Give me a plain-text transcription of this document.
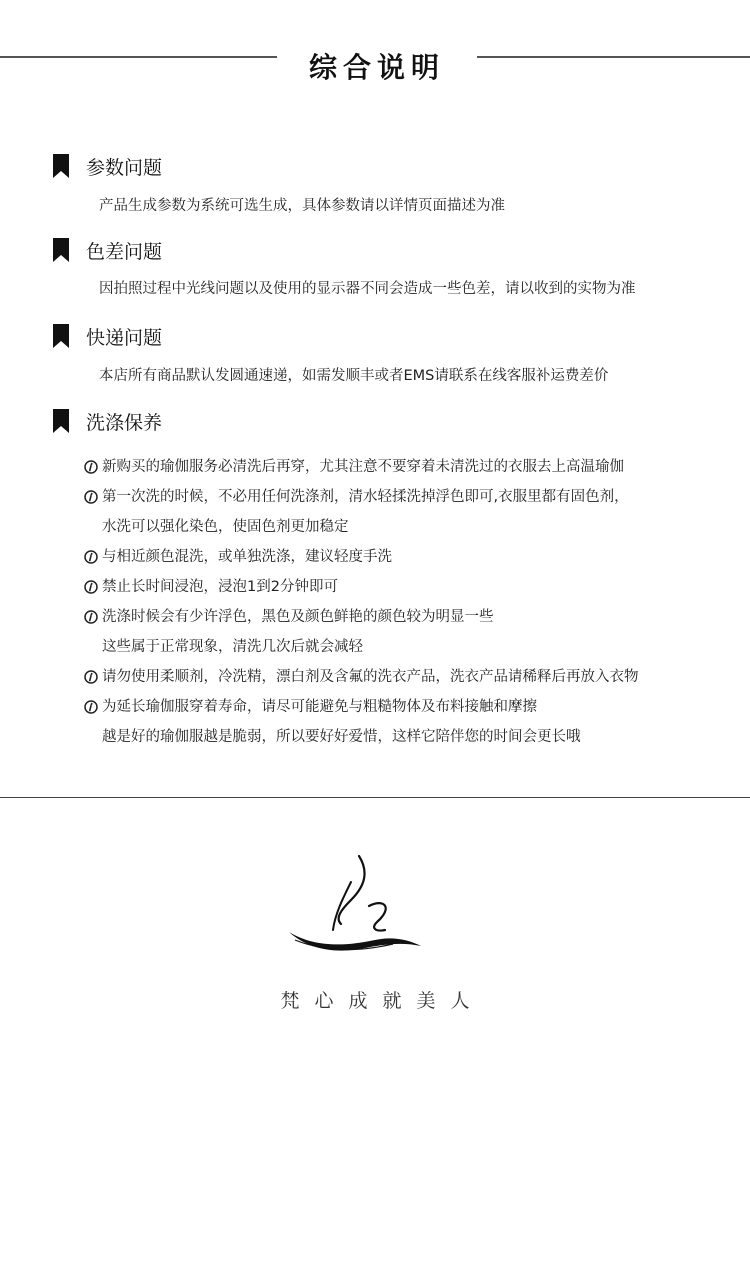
综合说明
参数问题
产品生成参数为系统可选生成，具体参数请以详情页面描述为准
色差问题
因拍照过程中光线问题以及使用的显示器不同会造成一些色差，请以收到的实物为准
快递问题
本店所有商品默认发圆通速递，如需发顺丰或者EMS请联系在线客服补运费差价
洗涤保养
新购买的瑜伽服务必清洗后再穿，尤其注意不要穿着未清洗过的衣服去上高温瑜伽
第一次洗的时候，不必用任何洗涤剂，清水轻揉洗掉浮色即可,衣服里都有固色剂，
水洗可以强化染色，使固色剂更加稳定
与相近颜色混洗，或单独洗涤，建议轻度手洗
禁止长时间浸泡，浸泡1到2分钟即可
洗涤时候会有少许浮色，黑色及颜色鲜艳的颜色较为明显一些
这些属于正常现象，清洗几次后就会减轻
请勿使用柔顺剂，冷洗精，漂白剂及含氟的洗衣产品，洗衣产品请稀释后再放入衣物
为延长瑜伽服穿着寿命，请尽可能避免与粗糙物体及布料接触和摩擦
越是好的瑜伽服越是脆弱，所以要好好爱惜，这样它陪伴您的时间会更长哦
梵心成就美人
